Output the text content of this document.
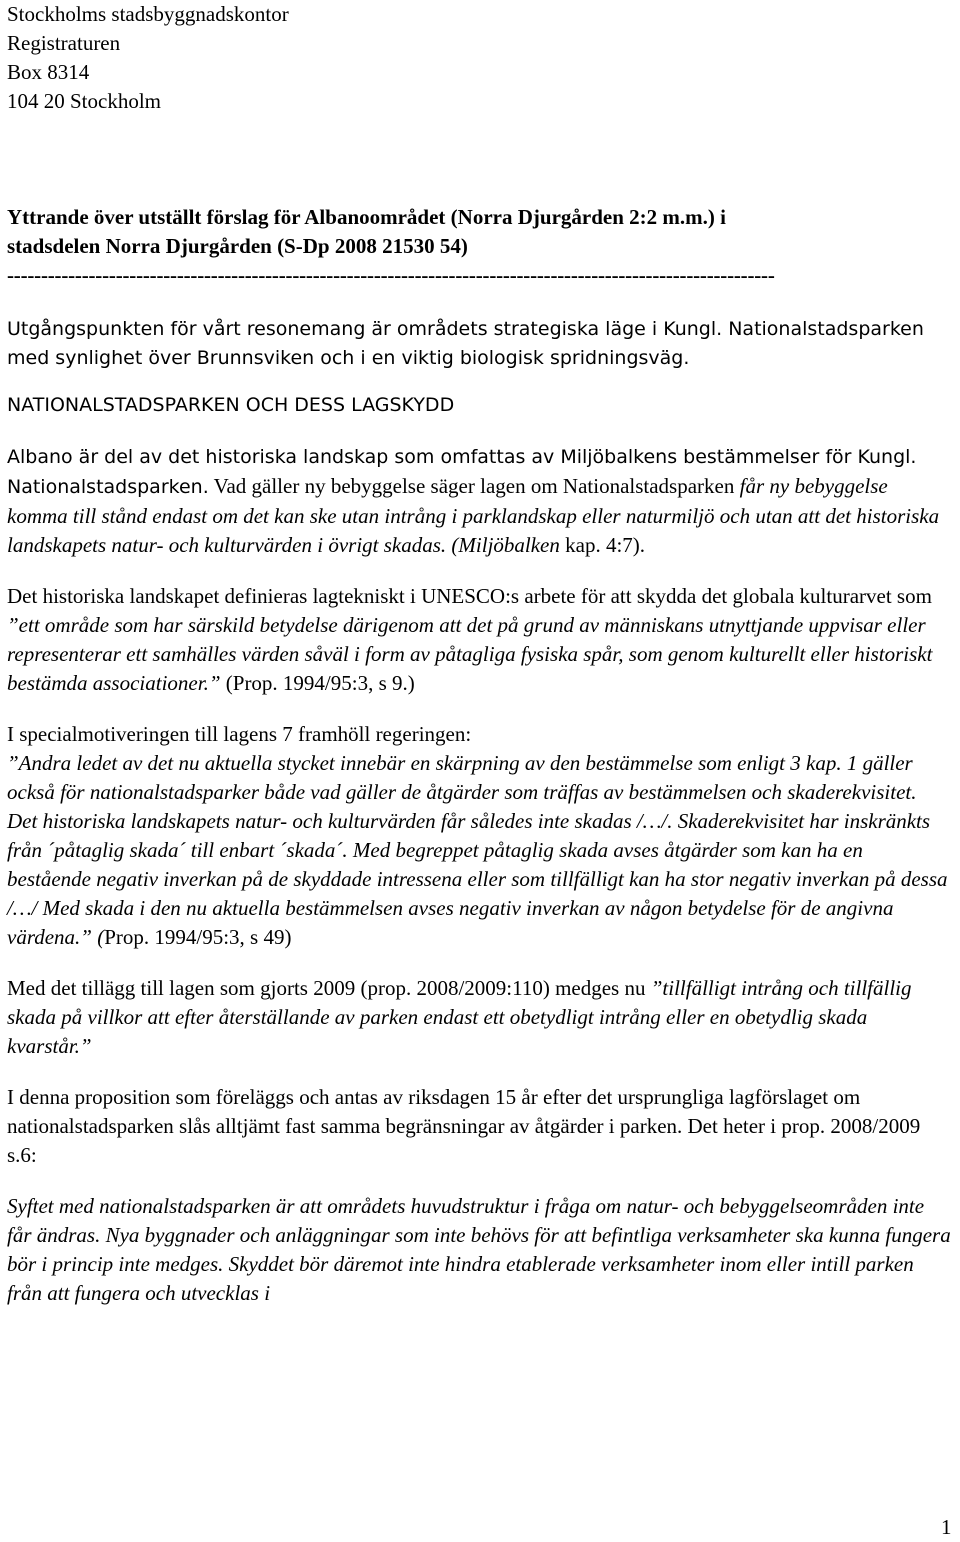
Stockholms stadsbyggnadskontor
Registraturen
Box 8314
104 20 Stockholm
Yttrande över utställt förslag för Albanoområdet (Norra Djurgården 2:2 m.m.) i
stadsdelen Norra Djurgården (S-Dp 2008 21530 54)
-----------------------------------------------------------------------------------------------------------------

Utgångspunkten för vårt resonemang är områdets strategiska läge i Kungl. Nationalstadsparken med synlighet över Brunnsviken och i en viktig biologisk spridningsväg.

NATIONALSTADSPARKEN OCH DESS LAGSKYDD

Albano är del av det historiska landskap som omfattas av Miljöbalkens bestämmelser för Kungl. Nationalstadsparken. Vad gäller ny bebyggelse säger lagen om Nationalstadsparken får ny bebyggelse komma till stånd endast om det kan ske utan intrång i parklandskap eller naturmiljö och utan att det historiska landskapets natur- och kulturvärden i övrigt skadas. (Miljöbalken kap. 4:7).

Det historiska landskapet definieras lagtekniskt i UNESCO:s arbete för att skydda det globala kulturarvet som ”ett område som har särskild betydelse därigenom att det på grund av människans utnyttjande uppvisar eller representerar ett samhälles värden såväl i form av påtagliga fysiska spår, som genom kulturellt eller historiskt bestämda associationer.” (Prop. 1994/95:3, s 9.)

I specialmotiveringen till lagens 7 framhöll regeringen:
”Andra ledet av det nu aktuella stycket innebär en skärpning av den bestämmelse som enligt 3 kap. 1 gäller också för nationalstadsparker både vad gäller de åtgärder som träffas av bestämmelsen och skaderekvisitet. Det historiska landskapets natur- och kulturvärden får således inte skadas /…/. Skaderekvisitet har inskränkts från ´påtaglig skada´ till enbart ´skada´. Med begreppet påtaglig skada avses åtgärder som kan ha en bestående negativ inverkan på de skyddade intressena eller som tillfälligt kan ha stor negativ inverkan på dessa /…/ Med skada i den nu aktuella bestämmelsen avses negativ inverkan av någon betydelse för de angivna värdena.” (Prop. 1994/95:3, s 49)

Med det tillägg till lagen som gjorts 2009 (prop. 2008/2009:110) medges nu ”tillfälligt intrång och tillfällig skada på villkor att efter återställande av parken endast ett obetydligt intrång eller en obetydlig skada kvarstår.”

I denna proposition som föreläggs och antas av riksdagen 15 år efter det ursprungliga lagförslaget om nationalstadsparken slås alltjämt fast samma begränsningar av åtgärder i parken. Det heter i prop. 2008/2009 s.6:

Syftet med nationalstadsparken är att områdets huvudstruktur i fråga om natur- och bebyggelseområden inte får ändras. Nya byggnader och anläggningar som inte behövs för att befintliga verksamheter ska kunna fungera bör i princip inte medges. Skyddet bör däremot inte hindra etablerade verksamheter inom eller intill parken från att fungera och utvecklas i

1
